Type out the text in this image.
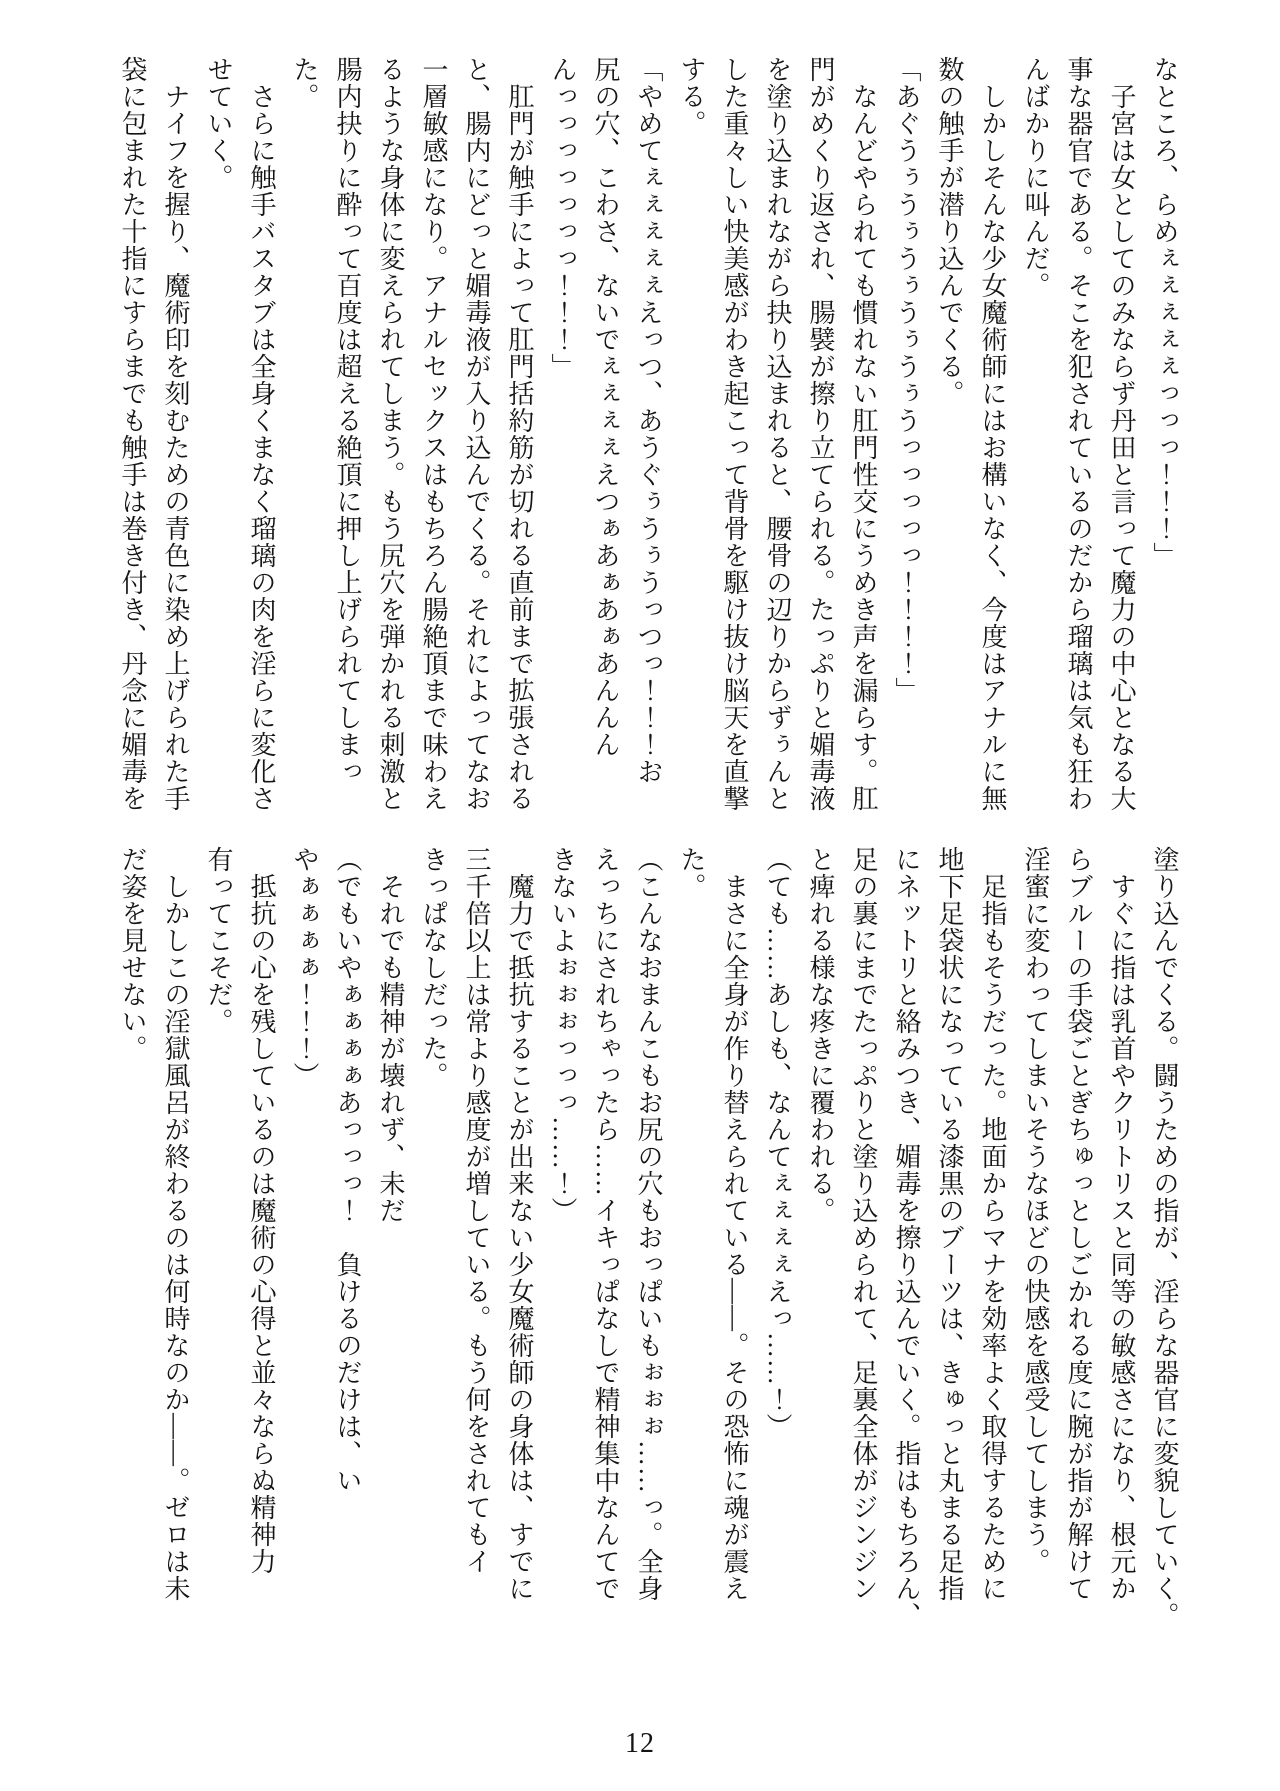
なところ、らめぇぇぇぇぇっっっ！！！」
　子宮は女としてのみならず丹田と言って魔力の中心となる大
事な器官である。そこを犯されているのだから瑠璃は気も狂わ
んばかりに叫んだ。
　しかしそんな少女魔術師にはお構いなく、今度はアナルに無
数の触手が潜り込んでくる。
「あぐうぅうぅうぅうぅうぅうっっっっっ！！！！」
　なんどやられても慣れない肛門性交にうめき声を漏らす。肛
門がめくり返され、腸襞が擦り立てられる。たっぷりと媚毒液
を塗り込まれながら抉り込まれると、腰骨の辺りからずぅんと
した重々しい快美感がわき起こって背骨を駆け抜け脳天を直撃
する。
「やめてぇぇぇぇぇえっつ、あうぐぅうぅうっつっ！！！お
尻の穴、こわさ、ないでぇぇぇぇえつぁあぁあぁあんんん
んっっっっっっっ！！！」
　肛門が触手によって肛門括約筋が切れる直前まで拡張される
と、腸内にどっと媚毒液が入り込んでくる。それによってなお
一層敏感になり。アナルセックスはもちろん腸絶頂まで味わえ
るような身体に変えられてしまう。もう尻穴を弾かれる刺激と
腸内抉りに酔って百度は超える絶頂に押し上げられてしまっ
た。
　さらに触手バスタブは全身くまなく瑠璃の肉を淫らに変化さ
せていく。
　ナイフを握り、魔術印を刻むための青色に染め上げられた手
袋に包まれた十指にすらまでも触手は巻き付き、丹念に媚毒を
塗り込んでくる。闘うための指が、淫らな器官に変貌していく。
　すぐに指は乳首やクリトリスと同等の敏感さになり、根元か
らブルーの手袋ごとぎちゅっとしごかれる度に腕が指が解けて
淫蜜に変わってしまいそうなほどの快感を感受してしまう。
　足指もそうだった。地面からマナを効率よく取得するために
地下足袋状になっている漆黒のブーツは、きゅっと丸まる足指
にネットリと絡みつき、媚毒を擦り込んでいく。指はもちろん、
足の裏にまでたっぷりと塗り込められて、足裏全体がジンジン
と痺れる様な疼きに覆われる。
（ても……あしも、なんてぇぇぇぇえっ……！）
　まさに全身が作り替えられている――。その恐怖に魂が震え
た。
（こんなおまんこもお尻の穴もおっぱいもぉぉぉ……っ。全身
えっちにされちゃったら……イキっぱなしで精神集中なんてで
きないよぉぉぉっっっ……！）
　魔力で抵抗することが出来ない少女魔術師の身体は、すでに
三千倍以上は常より感度が増している。もう何をされてもイ
きっぱなしだった。
　それでも精神が壊れず、未だ
（でもいやぁぁぁぁあっっっ！　負けるのだけは、い
やぁぁぁぁ！！！）
　抵抗の心を残しているのは魔術の心得と並々ならぬ精神力
有ってこそだ。
　しかしこの淫獄風呂が終わるのは何時なのか――。ゼロは未
だ姿を見せない。
12
